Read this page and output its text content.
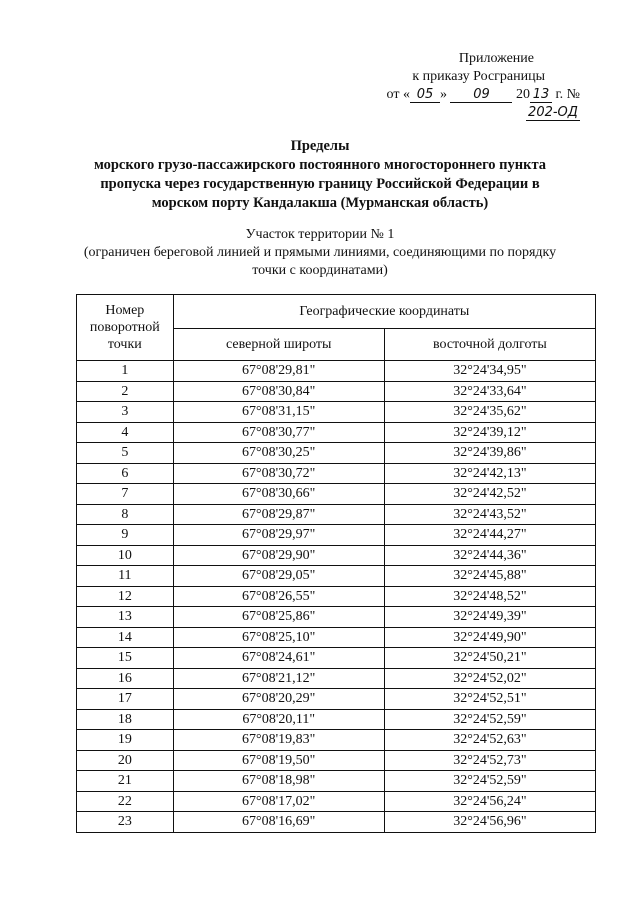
Приложение
к приказу Росграницы
от « 05 » 09 20 13 г. № 202-ОД
Пределы
морского грузо-пассажирского постоянного многостороннего пункта
пропуска через государственную границу Российской Федерации в
морском порту Кандалакша (Мурманская область)
Участок территории № 1
(ограничен береговой линией и прямыми линиями, соединяющими по порядку
точки с координатами)
Номер поворотной точки	Географические координаты	
	северной широты	восточной долготы
1	67°08'29,81"	32°24'34,95"
2	67°08'30,84"	32°24'33,64"
3	67°08'31,15"	32°24'35,62"
4	67°08'30,77"	32°24'39,12"
5	67°08'30,25"	32°24'39,86"
6	67°08'30,72"	32°24'42,13"
7	67°08'30,66"	32°24'42,52"
8	67°08'29,87"	32°24'43,52"
9	67°08'29,97"	32°24'44,27"
10	67°08'29,90"	32°24'44,36"
11	67°08'29,05"	32°24'45,88"
12	67°08'26,55"	32°24'48,52"
13	67°08'25,86"	32°24'49,39"
14	67°08'25,10"	32°24'49,90"
15	67°08'24,61"	32°24'50,21"
16	67°08'21,12"	32°24'52,02"
17	67°08'20,29"	32°24'52,51"
18	67°08'20,11"	32°24'52,59"
19	67°08'19,83"	32°24'52,63"
20	67°08'19,50"	32°24'52,73"
21	67°08'18,98"	32°24'52,59"
22	67°08'17,02"	32°24'56,24"
23	67°08'16,69"	32°24'56,96"
